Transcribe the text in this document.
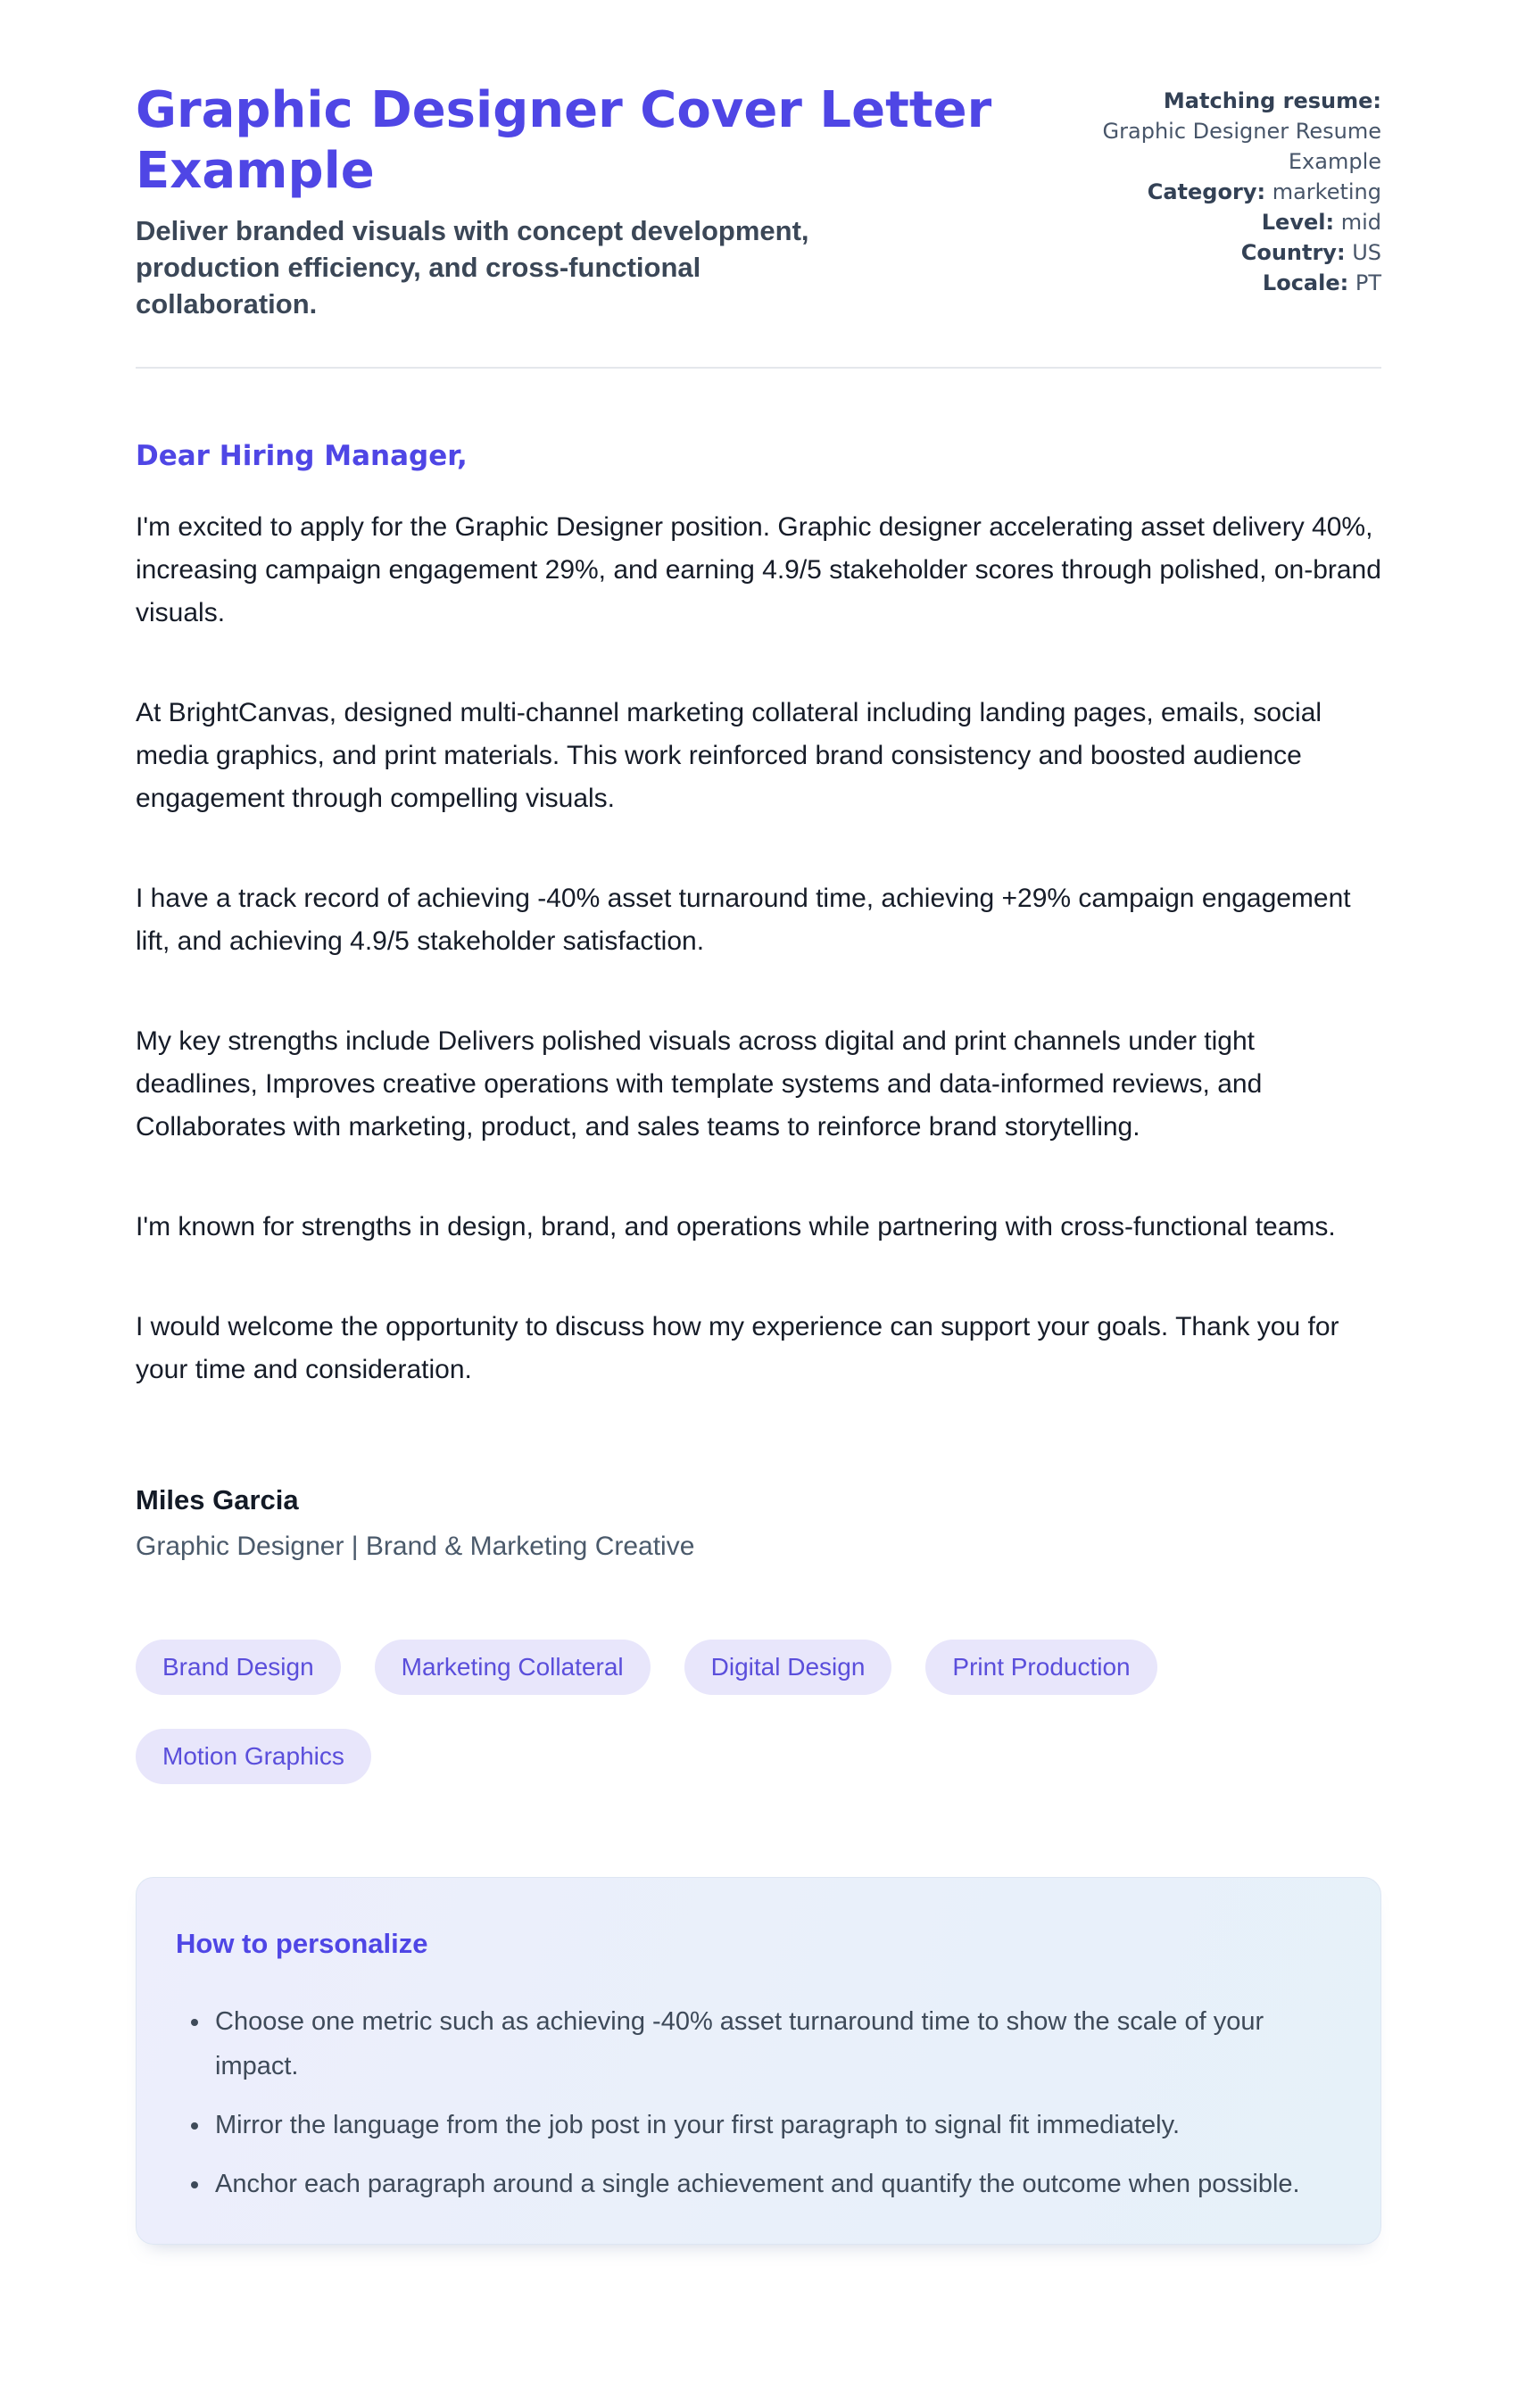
Graphic Designer Cover Letter Example

Deliver branded visuals with concept development, production efficiency, and cross-functional collaboration.

Matching resume:
Graphic Designer Resume Example
Category: marketing
Level: mid
Country: US
Locale: PT
Dear Hiring Manager,

I'm excited to apply for the Graphic Designer position. Graphic designer accelerating asset delivery 40%, increasing campaign engagement 29%, and earning 4.9/5 stakeholder scores through polished, on-brand visuals.

At BrightCanvas, designed multi-channel marketing collateral including landing pages, emails, social media graphics, and print materials. This work reinforced brand consistency and boosted audience engagement through compelling visuals.

I have a track record of achieving -40% asset turnaround time, achieving +29% campaign engagement lift, and achieving 4.9/5 stakeholder satisfaction.

My key strengths include Delivers polished visuals across digital and print channels under tight deadlines, Improves creative operations with template systems and data-informed reviews, and Collaborates with marketing, product, and sales teams to reinforce brand storytelling.

I'm known for strengths in design, brand, and operations while partnering with cross-functional teams.

I would welcome the opportunity to discuss how my experience can support your goals. Thank you for your time and consideration.

Miles Garcia

Graphic Designer | Brand & Marketing Creative

Brand Design	Marketing Collateral	Digital Design	Print Production
Motion Graphics
How to personalize
• Choose one metric such as achieving -40% asset turnaround time to show the scale of your impact.
• Mirror the language from the job post in your first paragraph to signal fit immediately.
• Anchor each paragraph around a single achievement and quantify the outcome when possible.
